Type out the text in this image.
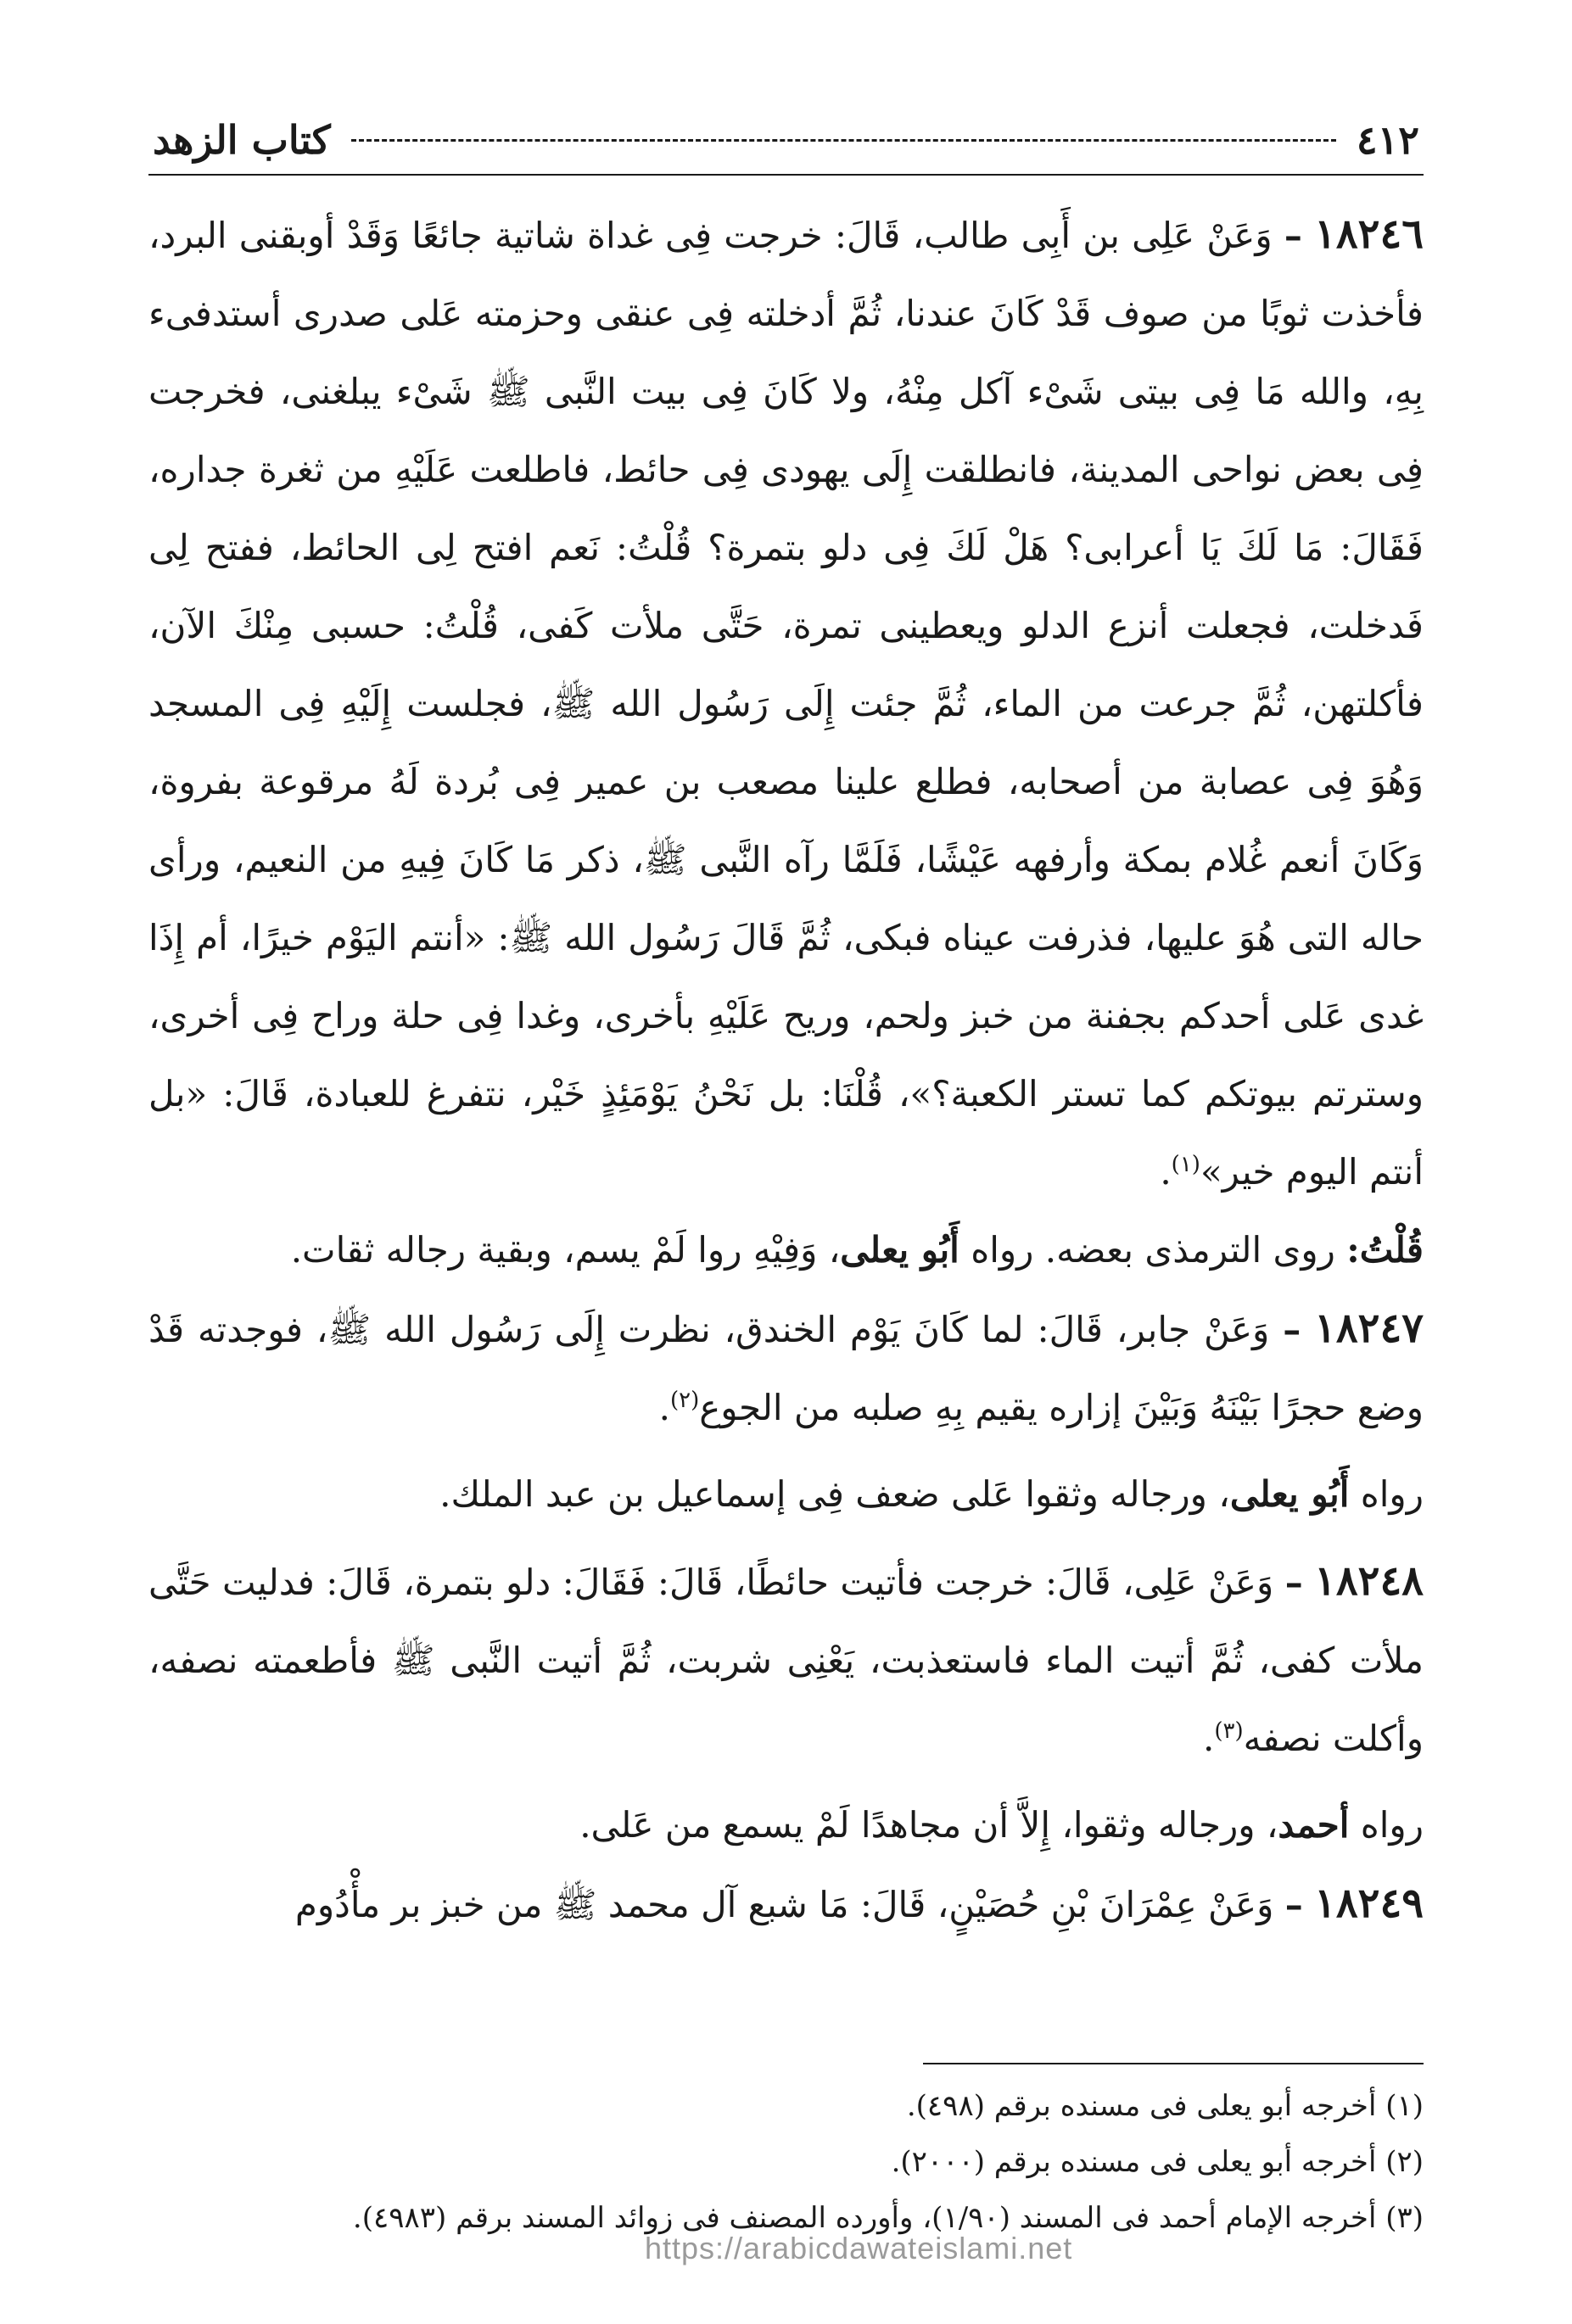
٤١٢
كتاب الزهد

١٨٢٤٦ – وَعَنْ عَلِى بن أَبِى طالب، قَالَ: خرجت فِى غداة شاتية جائعًا وَقَدْ أوبقنى البرد، فأخذت ثوبًا من صوف قَدْ كَانَ عندنا، ثُمَّ أدخلته فِى عنقى وحزمته عَلى صدرى أستدفىء بِهِ، والله مَا فِى بيتى شَىْء آكل مِنْهُ، ولا كَانَ فِى بيت النَّبى ﷺ شَىْء يبلغنى، فخرجت فِى بعض نواحى المدينة، فانطلقت إِلَى يهودى فِى حائط، فاطلعت عَلَيْهِ من ثغرة جداره، فَقَالَ: مَا لَكَ يَا أعرابى؟ هَلْ لَكَ فِى دلو بتمرة؟ قُلْتُ: نَعم افتح لِى الحائط، ففتح لِى فَدخلت، فجعلت أنزع الدلو ويعطينى تمرة، حَتَّى ملأت كَفى، قُلْتُ: حسبى مِنْكَ الآن، فأكلتهن، ثُمَّ جرعت من الماء، ثُمَّ جئت إِلَى رَسُول الله ﷺ، فجلست إِلَيْهِ فِى المسجد وَهُوَ فِى عصابة من أصحابه، فطلع علينا مصعب بن عمير فِى بُردة لَهُ مرقوعة بفروة، وَكَانَ أنعم غُلام بمكة وأرفهه عَيْشًا، فَلَمَّا رآه النَّبى ﷺ، ذكر مَا كَانَ فِيهِ من النعيم، ورأى حاله التى هُوَ عليها، فذرفت عيناه فبكى، ثُمَّ قَالَ رَسُول الله ﷺ: «أنتم اليَوْم خيرًا، أم إِذَا غدى عَلى أحدكم بجفنة من خبز ولحم، وريح عَلَيْهِ بأخرى، وغدا فِى حلة وراح فِى أخرى، وسترتم بيوتكم كما تستر الكعبة؟»، قُلْنَا: بل نَحْنُ يَوْمَئِذٍ خَيْر، نتفرغ للعبادة، قَالَ: «بل أنتم اليوم خير»$^{(١)}$.

قُلْتُ: روى الترمذى بعضه. رواه أَبُو يعلى، وَفِيْهِ روا لَمْ يسم، وبقية رجاله ثقات.

١٨٢٤٧ – وَعَنْ جابر، قَالَ: لما كَانَ يَوْم الخندق، نظرت إِلَى رَسُول الله ﷺ، فوجدته قَدْ وضع حجرًا بَيْنَهُ وَبَيْنَ إزاره يقيم بِهِ صلبه من الجوع$^{(٢)}$.

رواه أَبُو يعلى، ورجاله وثقوا عَلى ضعف فِى إسماعيل بن عبد الملك.

١٨٢٤٨ – وَعَنْ عَلِى، قَالَ: خرجت فأتيت حائطًا، قَالَ: فَقَالَ: دلو بتمرة، قَالَ: فدليت حَتَّى ملأت كفى، ثُمَّ أتيت الماء فاستعذبت، يَعْنِى شربت، ثُمَّ أتيت النَّبى ﷺ فأطعمته نصفه، وأكلت نصفه$^{(٣)}$.

رواه أحمد، ورجاله وثقوا، إِلاَّ أن مجاهدًا لَمْ يسمع من عَلى.

١٨٢٤٩ – وَعَنْ عِمْرَانَ بْنِ حُصَيْنٍ، قَالَ: مَا شبع آل محمد ﷺ من خبز بر مأْدُوم

(١) أخرجه أبو يعلى فى مسنده برقم (٤٩٨).

(٢) أخرجه أبو يعلى فى مسنده برقم (٢٠٠٠).

(٣) أخرجه الإمام أحمد فى المسند (١/٩٠)، وأورده المصنف فى زوائد المسند برقم (٤٩٨٣).

https://arabicdawateislami.net
